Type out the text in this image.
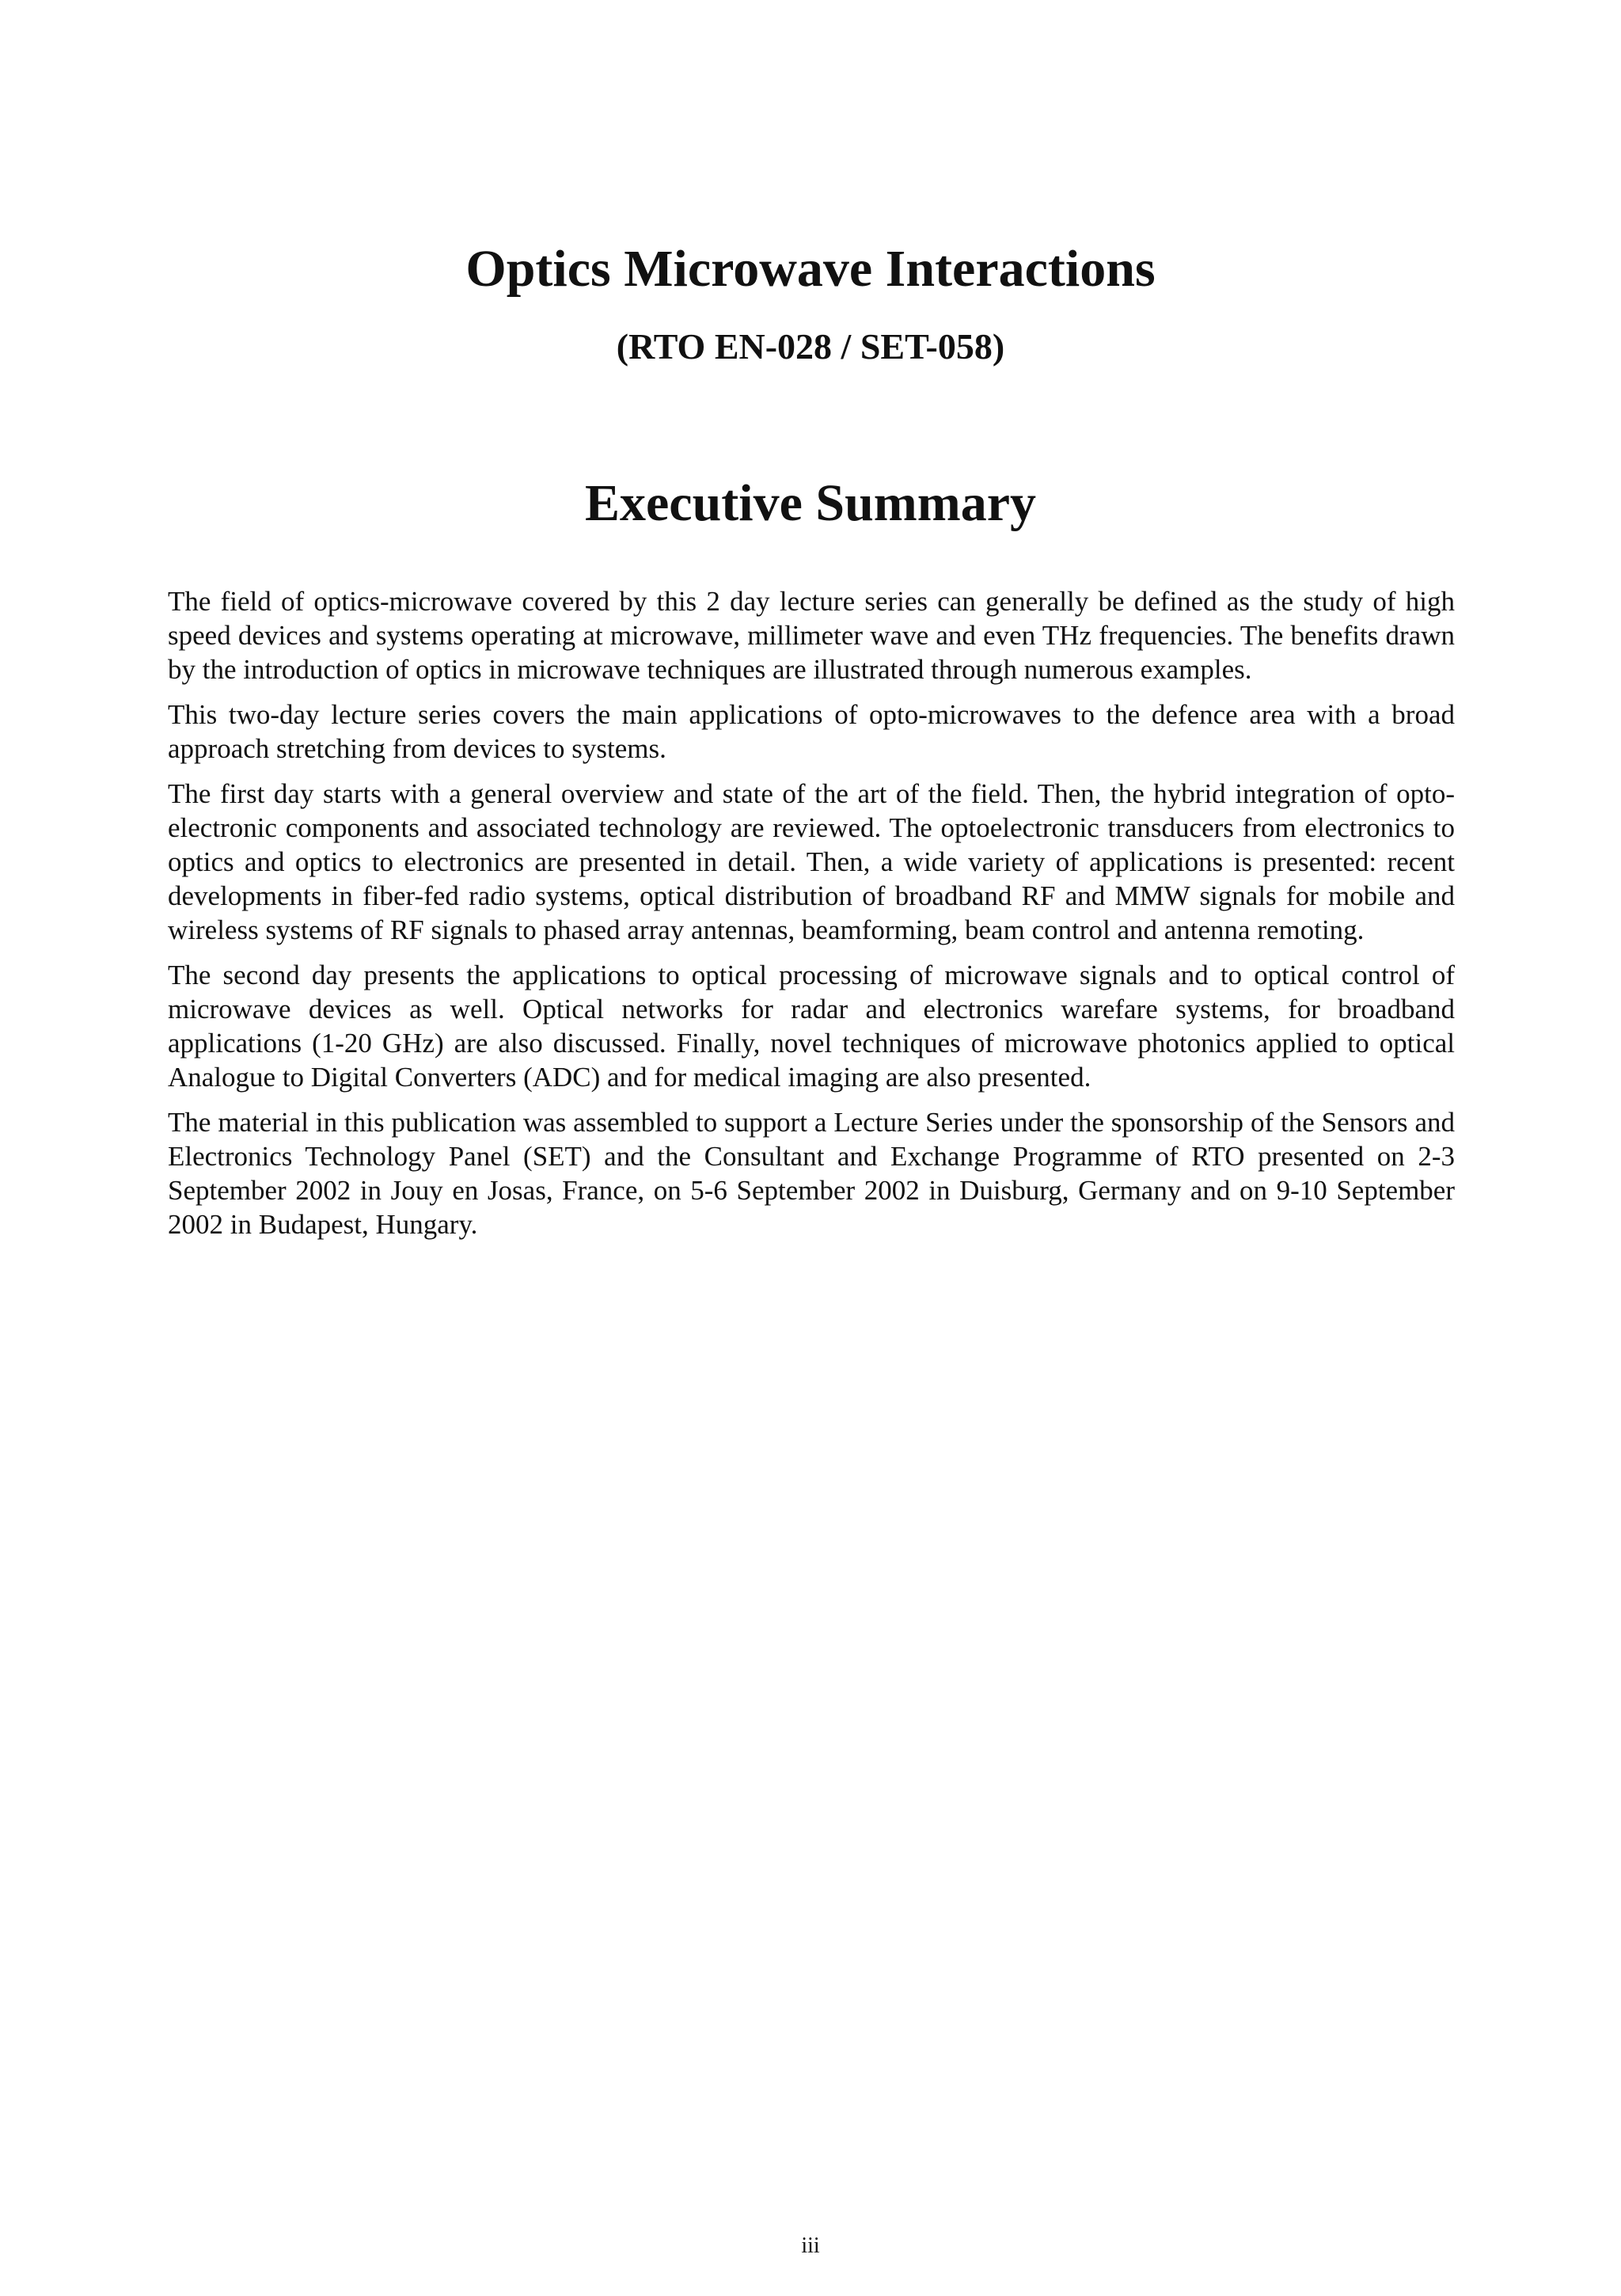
Optics Microwave Interactions
(RTO EN-028 / SET-058)
Executive Summary

The field of optics-microwave covered by this 2 day lecture series can generally be defined as the study of high speed devices and systems operating at microwave, millimeter wave and even THz frequencies. The benefits drawn by the introduction of optics in microwave techniques are illustrated through numerous examples.

This two-day lecture series covers the main applications of opto-microwaves to the defence area with a broad approach stretching from devices to systems.

The first day starts with a general overview and state of the art of the field. Then, the hybrid integration of opto-electronic components and associated technology are reviewed. The optoelectronic transducers from electronics to optics and optics to electronics are presented in detail. Then, a wide variety of applications is presented: recent developments in fiber-fed radio systems, optical distribution of broadband RF and MMW signals for mobile and wireless systems of RF signals to phased array antennas, beamforming, beam control and antenna remoting.

The second day presents the applications to optical processing of microwave signals and to optical control of microwave devices as well. Optical networks for radar and electronics warefare systems, for broadband applications (1-20 GHz) are also discussed. Finally, novel techniques of microwave photonics applied to optical Analogue to Digital Converters (ADC) and for medical imaging are also presented.

The material in this publication was assembled to support a Lecture Series under the sponsorship of the Sensors and Electronics Technology Panel (SET) and the Consultant and Exchange Programme of RTO presented on 2-3 September 2002 in Jouy en Josas, France, on 5-6 September 2002 in Duisburg, Germany and on 9-10 September 2002 in Budapest, Hungary.

iii
